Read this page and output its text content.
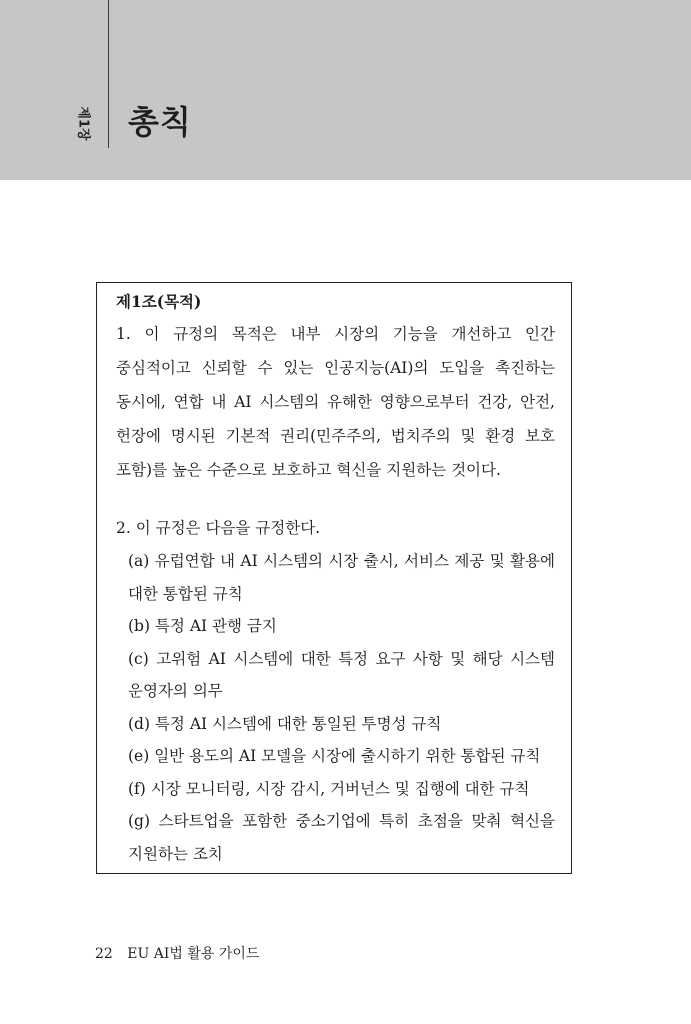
제1장 총칙
제1조(목적)

1. 이 규정의 목적은 내부 시장의 기능을 개선하고 인간 중심적이고 신뢰할 수 있는 인공지능(AI)의 도입을 촉진하는 동시에, 연합 내 AI 시스템의 유해한 영향으로부터 건강, 안전, 헌장에 명시된 기본적 권리(민주주의, 법치주의 및 환경 보호 포함)를 높은 수준으로 보호하고 혁신을 지원하는 것이다.

2. 이 규정은 다음을 규정한다.

(a) 유럽연합 내 AI 시스템의 시장 출시, 서비스 제공 및 활용에 대한 통합된 규칙
(b) 특정 AI 관행 금지
(c) 고위험 AI 시스템에 대한 특정 요구 사항 및 해당 시스템 운영자의 의무
(d) 특정 AI 시스템에 대한 통일된 투명성 규칙
(e) 일반 용도의 AI 모델을 시장에 출시하기 위한 통합된 규칙
(f) 시장 모니터링, 시장 감시, 거버넌스 및 집행에 대한 규칙
(g) 스타트업을 포함한 중소기업에 특히 초점을 맞춰 혁신을 지원하는 조치
22 EU AI법 활용 가이드
